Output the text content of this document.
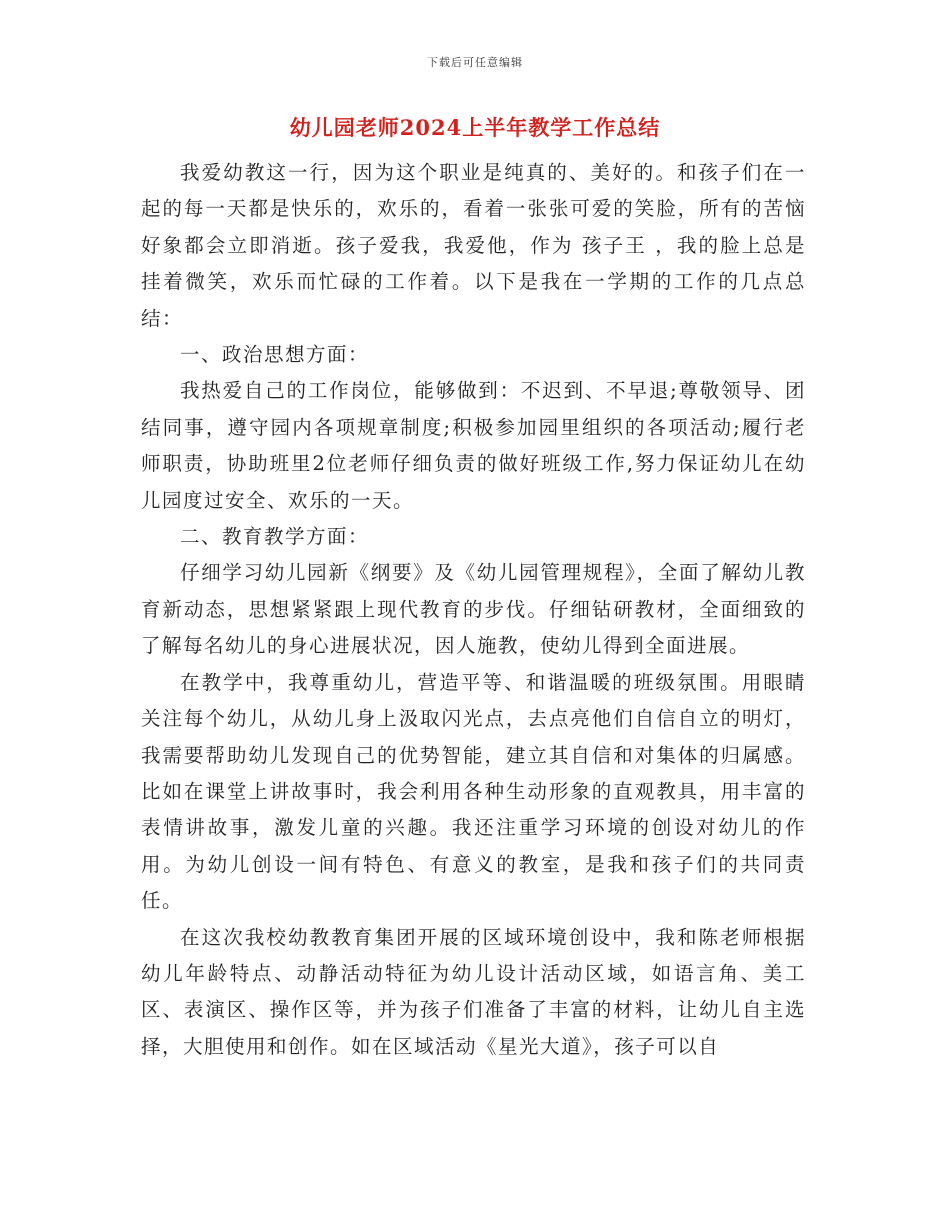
下载后可任意编辑
幼儿园老师2024上半年教学工作总结

我爱幼教这一行，因为这个职业是纯真的、美好的。和孩子们在一起的每一天都是快乐的，欢乐的，看着一张张可爱的笑脸，所有的苦恼好象都会立即消逝。孩子爱我，我爱他，作为 孩子王 ，我的脸上总是挂着微笑，欢乐而忙碌的工作着。以下是我在一学期的工作的几点总结：

一、政治思想方面：

我热爱自己的工作岗位，能够做到：不迟到、不早退;尊敬领导、团结同事，遵守园内各项规章制度;积极参加园里组织的各项活动;履行老师职责，协助班里2位老师仔细负责的做好班级工作,努力保证幼儿在幼儿园度过安全、欢乐的一天。

二、教育教学方面：

仔细学习幼儿园新《纲要》及《幼儿园管理规程》，全面了解幼儿教育新动态，思想紧紧跟上现代教育的步伐。仔细钻研教材，全面细致的了解每名幼儿的身心进展状况，因人施教，使幼儿得到全面进展。

在教学中，我尊重幼儿，营造平等、和谐温暖的班级氛围。用眼睛关注每个幼儿，从幼儿身上汲取闪光点，去点亮他们自信自立的明灯，我需要帮助幼儿发现自己的优势智能，建立其自信和对集体的归属感。比如在课堂上讲故事时，我会利用各种生动形象的直观教具，用丰富的表情讲故事，激发儿童的兴趣。我还注重学习环境的创设对幼儿的作用。为幼儿创设一间有特色、有意义的教室，是我和孩子们的共同责任。

在这次我校幼教教育集团开展的区域环境创设中，我和陈老师根据幼儿年龄特点、动静活动特征为幼儿设计活动区域，如语言角、美工区、表演区、操作区等，并为孩子们准备了丰富的材料，让幼儿自主选择，大胆使用和创作。如在区域活动《星光大道》，孩子可以自
